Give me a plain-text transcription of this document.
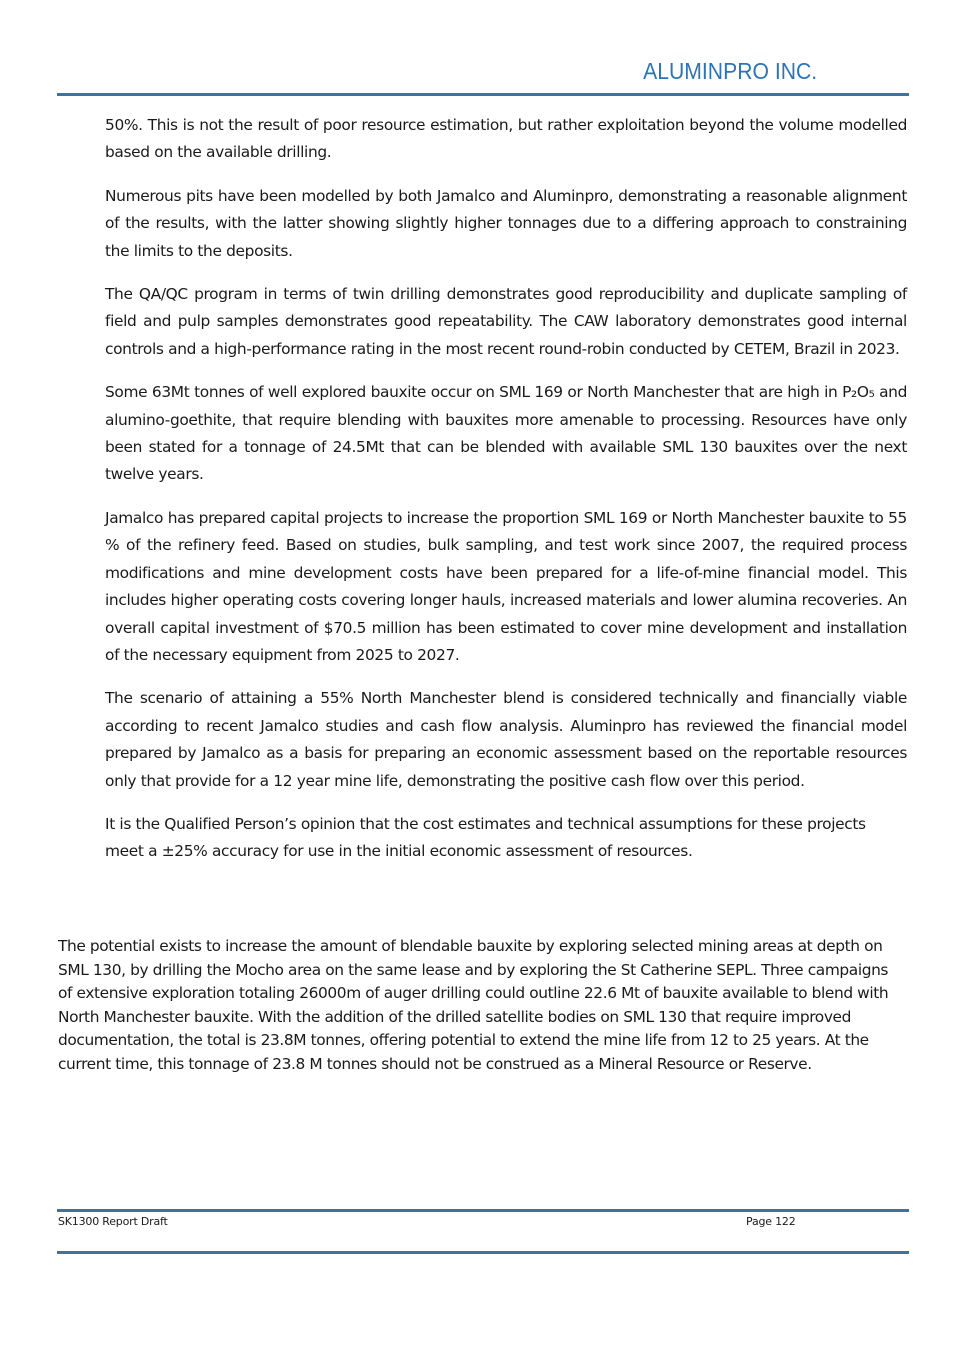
ALUMINPRO INC.

50%. This is not the result of poor resource estimation, but rather exploitation beyond the volume modelled based on the available drilling.

Numerous pits have been modelled by both Jamalco and Aluminpro, demonstrating a reasonable alignment of the results, with the latter showing slightly higher tonnages due to a differing approach to constraining the limits to the deposits.

The QA/QC program in terms of twin drilling demonstrates good reproducibility and duplicate sampling of field and pulp samples demonstrates good repeatability. The CAW laboratory demonstrates good internal controls and a high-performance rating in the most recent round-robin conducted by CETEM, Brazil in 2023.

Some 63Mt tonnes of well explored bauxite occur on SML 169 or North Manchester that are high in P₂O₅ and alumino-goethite, that require blending with bauxites more amenable to processing. Resources have only been stated for a tonnage of 24.5Mt that can be blended with available SML 130 bauxites over the next twelve years.

Jamalco has prepared capital projects to increase the proportion SML 169 or North Manchester bauxite to 55 % of the refinery feed. Based on studies, bulk sampling, and test work since 2007, the required process modifications and mine development costs have been prepared for a life-of-mine financial model. This includes higher operating costs covering longer hauls, increased materials and lower alumina recoveries. An overall capital investment of $70.5 million has been estimated to cover mine development and installation of the necessary equipment from 2025 to 2027.

The scenario of attaining a 55% North Manchester blend is considered technically and financially viable according to recent Jamalco studies and cash flow analysis. Aluminpro has reviewed the financial model prepared by Jamalco as a basis for preparing an economic assessment based on the reportable resources only that provide for a 12 year mine life, demonstrating the positive cash flow over this period.

It is the Qualified Person’s opinion that the cost estimates and technical assumptions for these projects meet a ±25% accuracy for use in the initial economic assessment of resources.

The potential exists to increase the amount of blendable bauxite by exploring selected mining areas at depth on SML 130, by drilling the Mocho area on the same lease and by exploring the St Catherine SEPL. Three campaigns of extensive exploration totaling 26000m of auger drilling could outline 22.6 Mt of bauxite available to blend with North Manchester bauxite. With the addition of the drilled satellite bodies on SML 130 that require improved documentation, the total is 23.8M tonnes, offering potential to extend the mine life from 12 to 25 years. At the current time, this tonnage of 23.8 M tonnes should not be construed as a Mineral Resource or Reserve.

SK1300 Report Draft	Page 122
